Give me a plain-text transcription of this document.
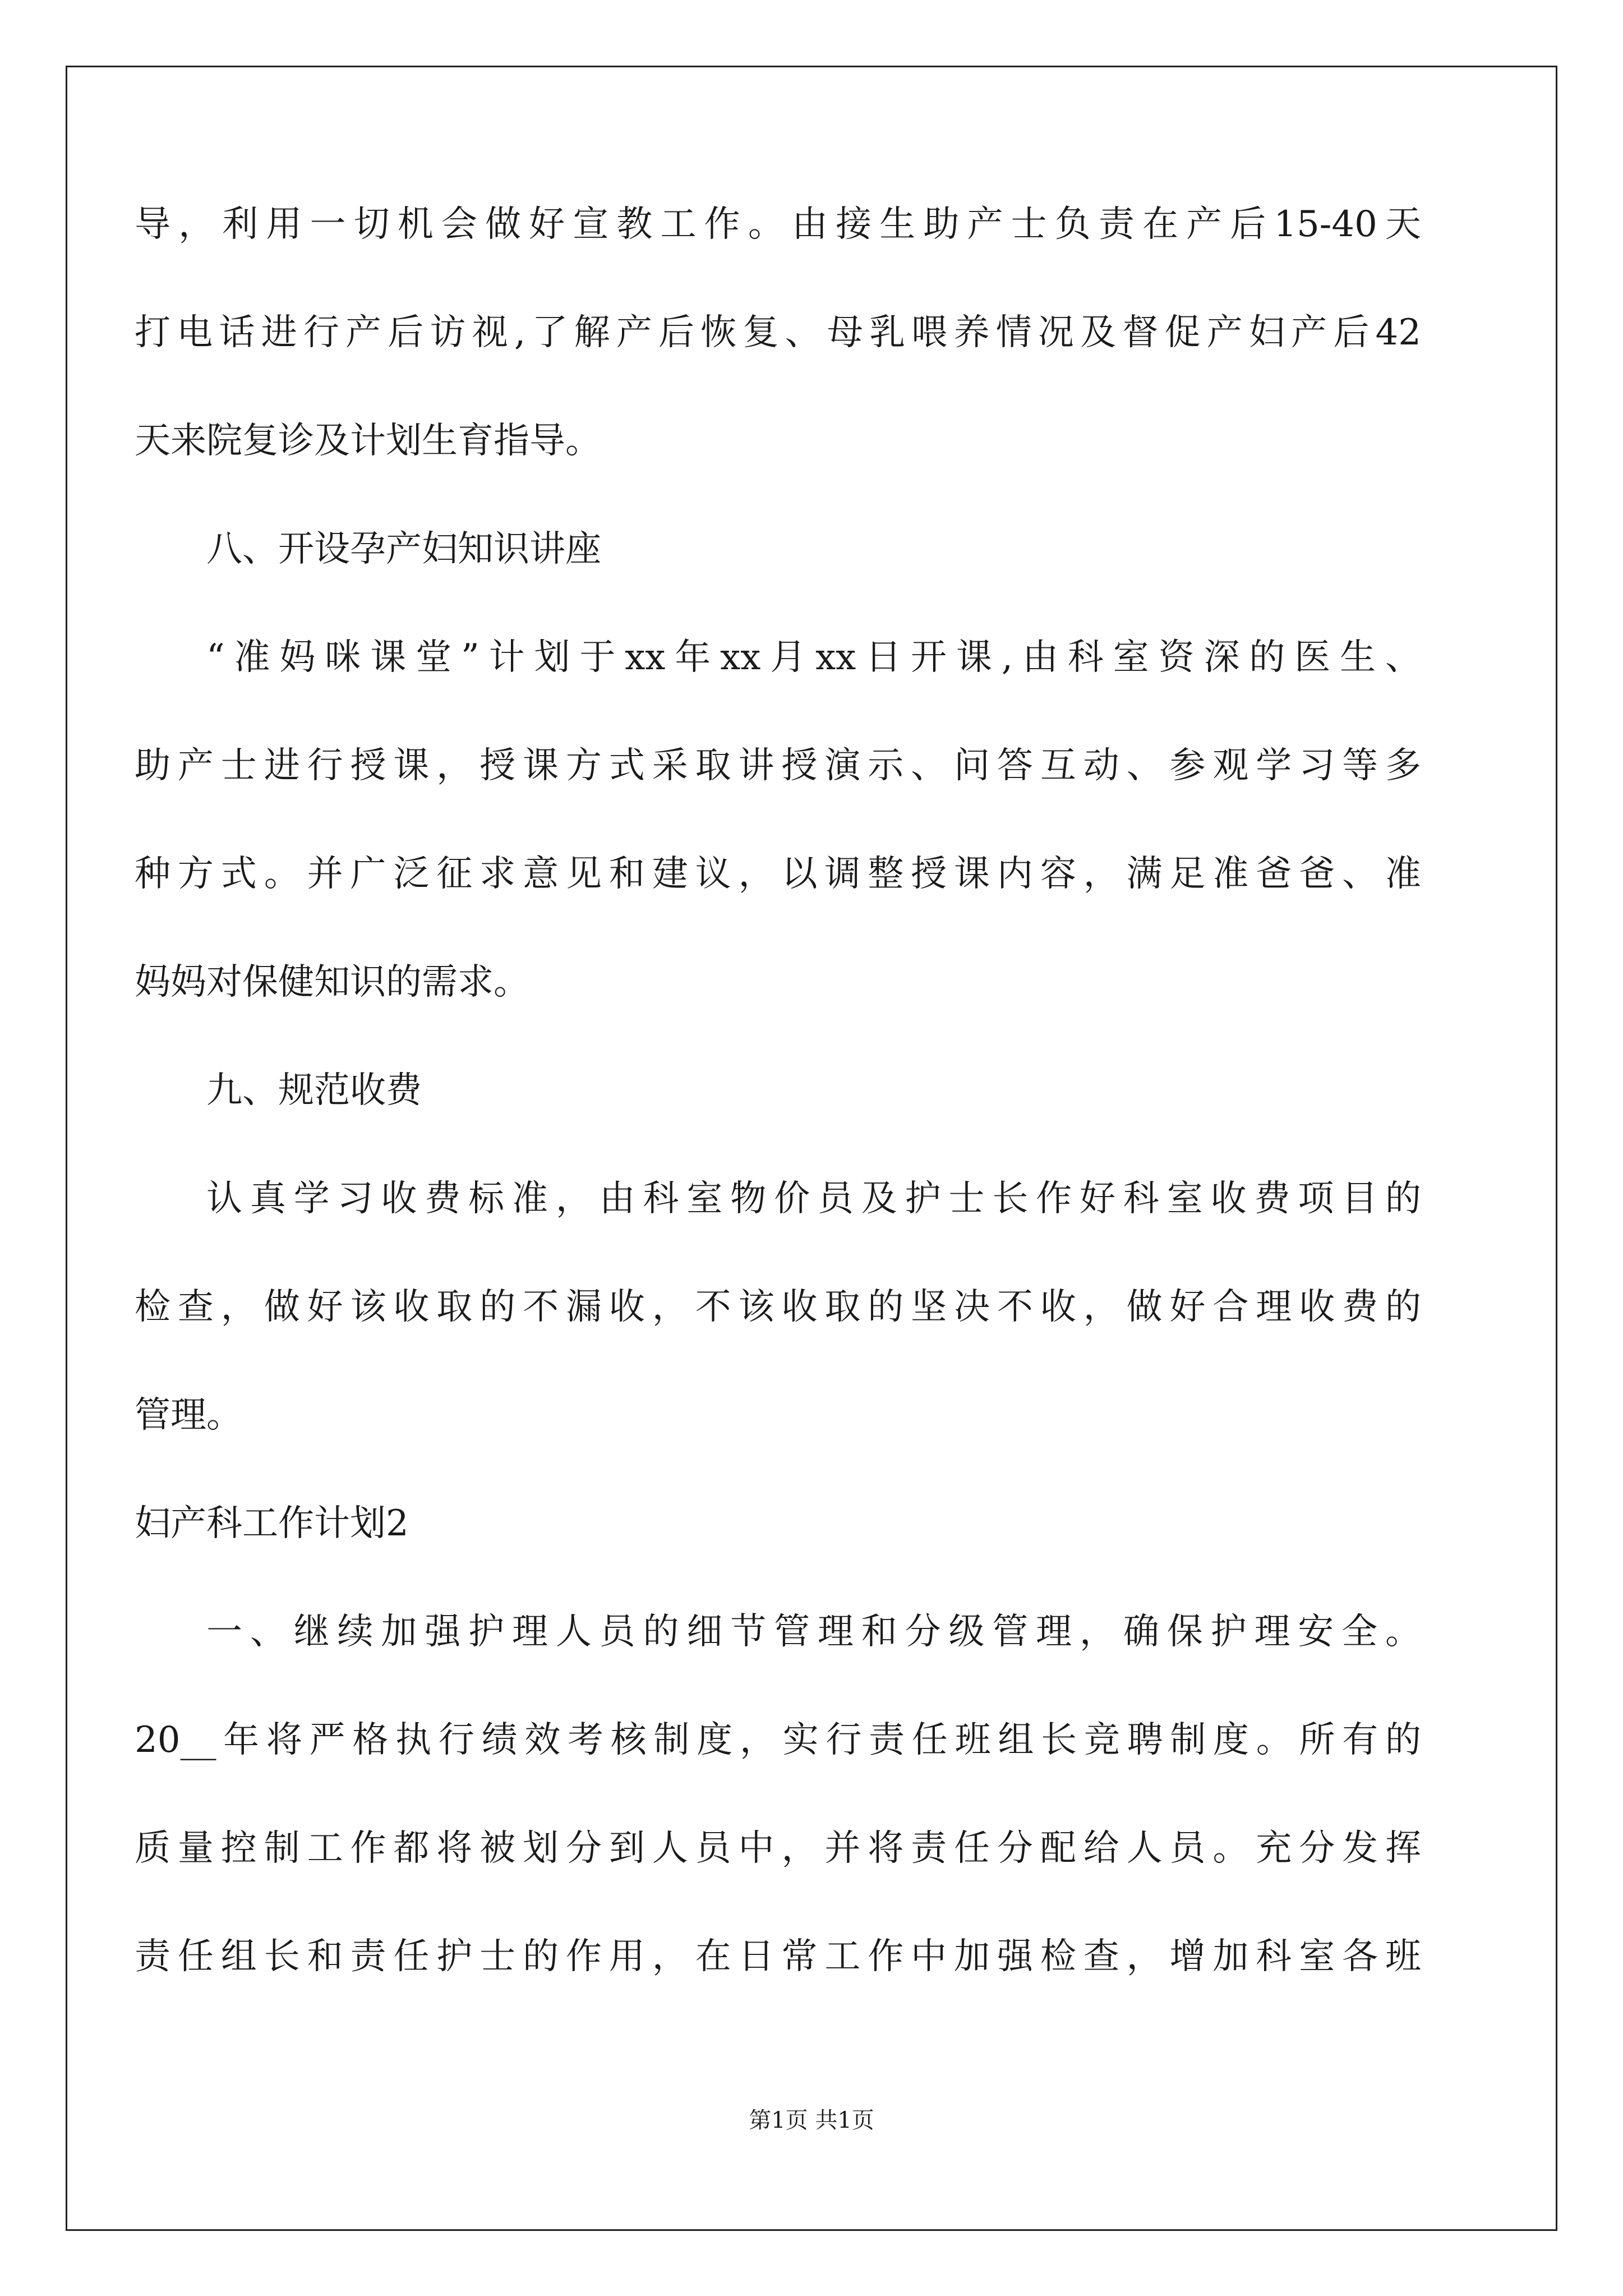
导，利用一切机会做好宣教工作。由接生助产士负责在产后15-40天
打电话进行产后访视,了解产后恢复、母乳喂养情况及督促产妇产后42
天来院复诊及计划生育指导。
八、开设孕产妇知识讲座
“准妈咪课堂”计划于xx年xx月xx日开课,由科室资深的医生、
助产士进行授课，授课方式采取讲授演示、问答互动、参观学习等多
种方式。并广泛征求意见和建议，以调整授课内容，满足准爸爸、准
妈妈对保健知识的需求。
九、规范收费
认真学习收费标准，由科室物价员及护士长作好科室收费项目的
检查，做好该收取的不漏收，不该收取的坚决不收，做好合理收费的
管理。
妇产科工作计划2
一、继续加强护理人员的细节管理和分级管理，确保护理安全。
20__年将严格执行绩效考核制度，实行责任班组长竞聘制度。所有的
质量控制工作都将被划分到人员中，并将责任分配给人员。充分发挥
责任组长和责任护士的作用，在日常工作中加强检查，增加科室各班
第1页 共1页
